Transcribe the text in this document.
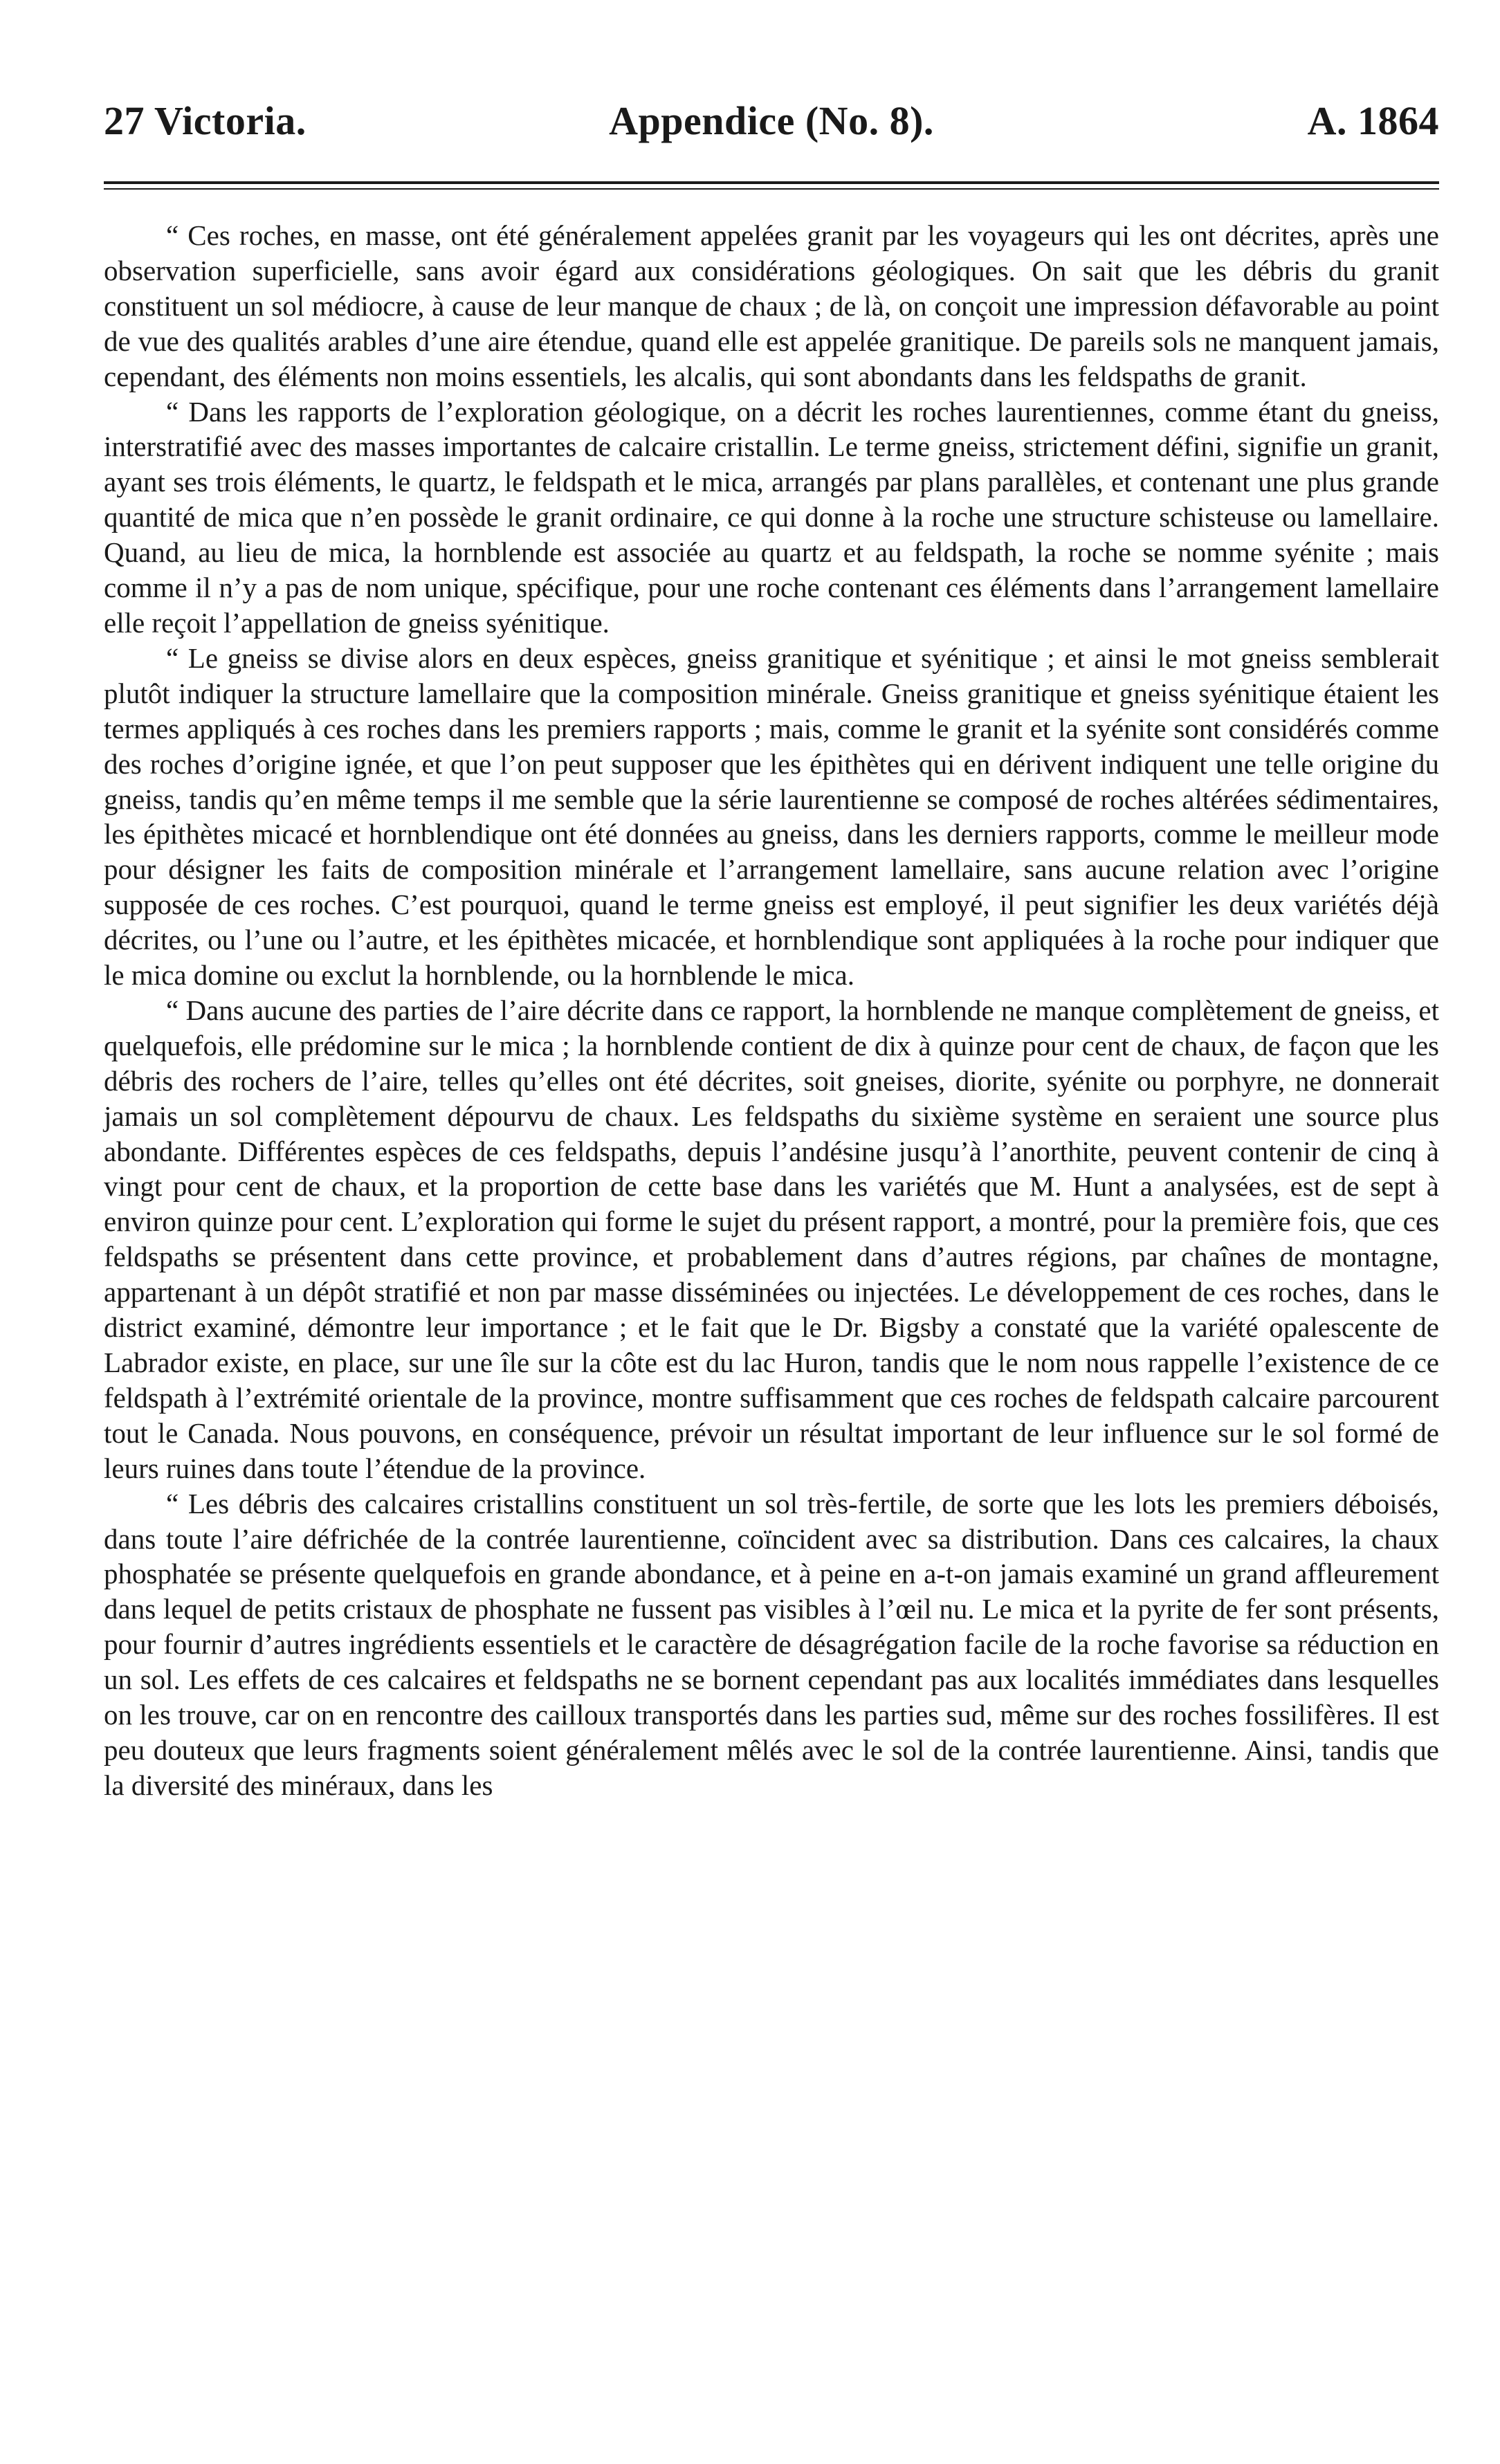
27 Victoria.	Appendice (No. 8).	A. 1864

“ Ces roches, en masse, ont été généralement appelées granit par les voyageurs qui les ont décrites, après une observation superficielle, sans avoir égard aux considérations géologiques. On sait que les débris du granit constituent un sol médiocre, à cause de leur manque de chaux ; de là, on conçoit une impression défavorable au point de vue des qualités arables d’une aire étendue, quand elle est appelée granitique. De pareils sols ne manquent jamais, cependant, des éléments non moins essentiels, les alcalis, qui sont abondants dans les feldspaths de granit.

“ Dans les rapports de l’exploration géologique, on a décrit les roches laurentiennes, comme étant du gneiss, interstratifié avec des masses importantes de calcaire cristallin. Le terme gneiss, strictement défini, signifie un granit, ayant ses trois éléments, le quartz, le feldspath et le mica, arrangés par plans parallèles, et contenant une plus grande quantité de mica que n’en possède le granit ordinaire, ce qui donne à la roche une structure schisteuse ou lamellaire. Quand, au lieu de mica, la hornblende est associée au quartz et au feldspath, la roche se nomme syénite ; mais comme il n’y a pas de nom unique, spécifique, pour une roche contenant ces éléments dans l’arrangement lamellaire elle reçoit l’appellation de gneiss syénitique.

“ Le gneiss se divise alors en deux espèces, gneiss granitique et syénitique ; et ainsi le mot gneiss semblerait plutôt indiquer la structure lamellaire que la composition minérale. Gneiss granitique et gneiss syénitique étaient les termes appliqués à ces roches dans les premiers rapports ; mais, comme le granit et la syénite sont considérés comme des roches d’origine ignée, et que l’on peut supposer que les épithètes qui en dérivent indiquent une telle origine du gneiss, tandis qu’en même temps il me semble que la série laurentienne se composé de roches altérées sédimentaires, les épithètes micacé et hornblendique ont été données au gneiss, dans les derniers rapports, comme le meilleur mode pour désigner les faits de composition minérale et l’arrangement lamellaire, sans aucune relation avec l’origine supposée de ces roches. C’est pourquoi, quand le terme gneiss est employé, il peut signifier les deux variétés déjà décrites, ou l’une ou l’autre, et les épithètes micacée, et hornblendique sont appliquées à la roche pour indiquer que le mica domine ou exclut la hornblende, ou la hornblende le mica.

“ Dans aucune des parties de l’aire décrite dans ce rapport, la hornblende ne manque complètement de gneiss, et quelquefois, elle prédomine sur le mica ; la hornblende contient de dix à quinze pour cent de chaux, de façon que les débris des rochers de l’aire, telles qu’elles ont été décrites, soit gneises, diorite, syénite ou porphyre, ne donnerait jamais un sol complètement dépourvu de chaux. Les feldspaths du sixième système en seraient une source plus abondante. Différentes espèces de ces feldspaths, depuis l’andésine jusqu’à l’anorthite, peuvent contenir de cinq à vingt pour cent de chaux, et la proportion de cette base dans les variétés que M. Hunt a analysées, est de sept à environ quinze pour cent. L’exploration qui forme le sujet du présent rapport, a montré, pour la première fois, que ces feldspaths se présentent dans cette province, et probablement dans d’autres régions, par chaînes de montagne, appartenant à un dépôt stratifié et non par masse disséminées ou injectées. Le développement de ces roches, dans le district examiné, démontre leur importance ; et le fait que le Dr. Bigsby a constaté que la variété opalescente de Labrador existe, en place, sur une île sur la côte est du lac Huron, tandis que le nom nous rappelle l’existence de ce feldspath à l’extrémité orientale de la province, montre suffisamment que ces roches de feldspath calcaire parcourent tout le Canada. Nous pouvons, en conséquence, prévoir un résultat important de leur influence sur le sol formé de leurs ruines dans toute l’étendue de la province.

“ Les débris des calcaires cristallins constituent un sol très-fertile, de sorte que les lots les premiers déboisés, dans toute l’aire défrichée de la contrée laurentienne, coïncident avec sa distribution. Dans ces calcaires, la chaux phosphatée se présente quelquefois en grande abondance, et à peine en a-t-on jamais examiné un grand affleurement dans lequel de petits cristaux de phosphate ne fussent pas visibles à l’œil nu. Le mica et la pyrite de fer sont présents, pour fournir d’autres ingrédients essentiels et le caractère de désagrégation facile de la roche favorise sa réduction en un sol. Les effets de ces calcaires et feldspaths ne se bornent cependant pas aux localités immédiates dans lesquelles on les trouve, car on en rencontre des cailloux transportés dans les parties sud, même sur des roches fossilifères. Il est peu douteux que leurs fragments soient généralement mêlés avec le sol de la contrée laurentienne. Ainsi, tandis que la diversité des minéraux, dans les
